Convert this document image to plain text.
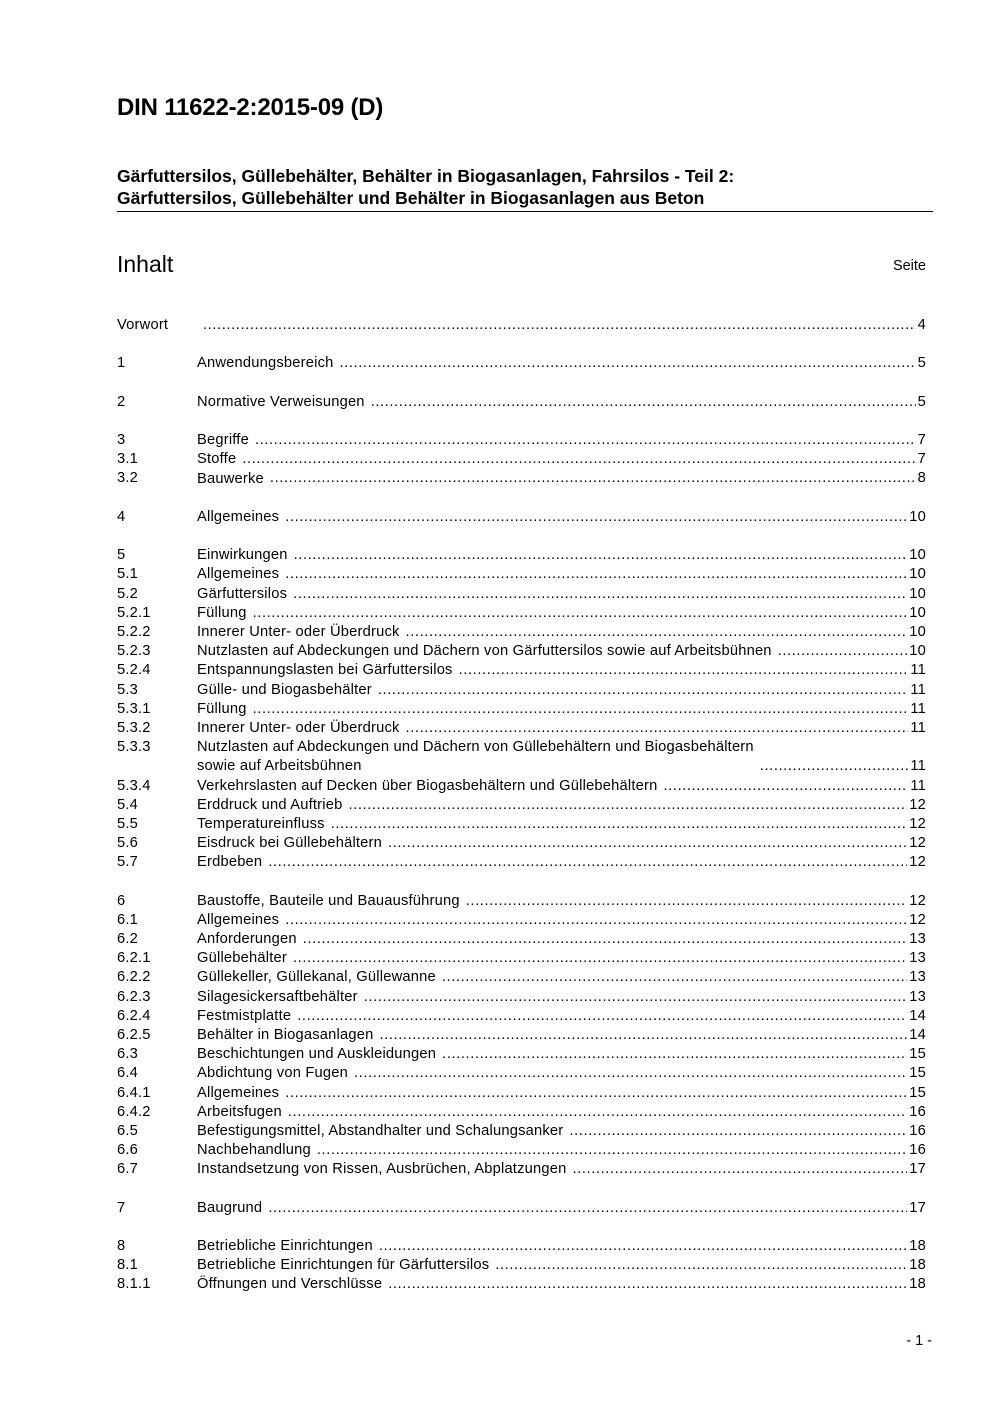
DIN 11622-2:2015-09 (D)
Gärfuttersilos, Güllebehälter, Behälter in Biogasanlagen, Fahrsilos - Teil 2:
Gärfuttersilos, Güllebehälter und Behälter in Biogasanlagen aus Beton
Inhalt	Seite
Vorwort .....	4
1	Anwendungsbereich .....	5
2	Normative Verweisungen .....	5
3	Begriffe .....	7
3.1	Stoffe .....	7
3.2	Bauwerke .....	8
4	Allgemeines .....	10
5	Einwirkungen .....	10
5.1	Allgemeines .....	10
5.2	Gärfuttersilos .....	10
5.2.1	Füllung .....	10
5.2.2	Innerer Unter- oder Überdruck .....	10
5.2.3	Nutzlasten auf Abdeckungen und Dächern von Gärfuttersilos sowie auf Arbeitsbühnen .....	10
5.2.4	Entspannungslasten bei Gärfuttersilos .....	11
5.3	Gülle- und Biogasbehälter .....	11
5.3.1	Füllung .....	11
5.3.2	Innerer Unter- oder Überdruck .....	11
5.3.3	Nutzlasten auf Abdeckungen und Dächern von Güllebehältern und Biogasbehältern
sowie auf Arbeitsbühnen .....	11
5.3.4	Verkehrslasten auf Decken über Biogasbehältern und Güllebehältern .....	11
5.4	Erddruck und Auftrieb .....	12
5.5	Temperatureinfluss .....	12
5.6	Eisdruck bei Güllebehältern .....	12
5.7	Erdbeben .....	12
6	Baustoffe, Bauteile und Bauausführung .....	12
6.1	Allgemeines .....	12
6.2	Anforderungen .....	13
6.2.1	Güllebehälter .....	13
6.2.2	Güllekeller, Güllekanal, Güllewanne .....	13
6.2.3	Silagesickersaftbehälter .....	13
6.2.4	Festmistplatte .....	14
6.2.5	Behälter in Biogasanlagen .....	14
6.3	Beschichtungen und Auskleidungen .....	15
6.4	Abdichtung von Fugen .....	15
6.4.1	Allgemeines .....	15
6.4.2	Arbeitsfugen .....	16
6.5	Befestigungsmittel, Abstandhalter und Schalungsanker .....	16
6.6	Nachbehandlung .....	16
6.7	Instandsetzung von Rissen, Ausbrüchen, Abplatzungen .....	17
7	Baugrund .....	17
8	Betriebliche Einrichtungen .....	18
8.1	Betriebliche Einrichtungen für Gärfuttersilos .....	18
8.1.1	Öffnungen und Verschlüsse .....	18
- 1 -
